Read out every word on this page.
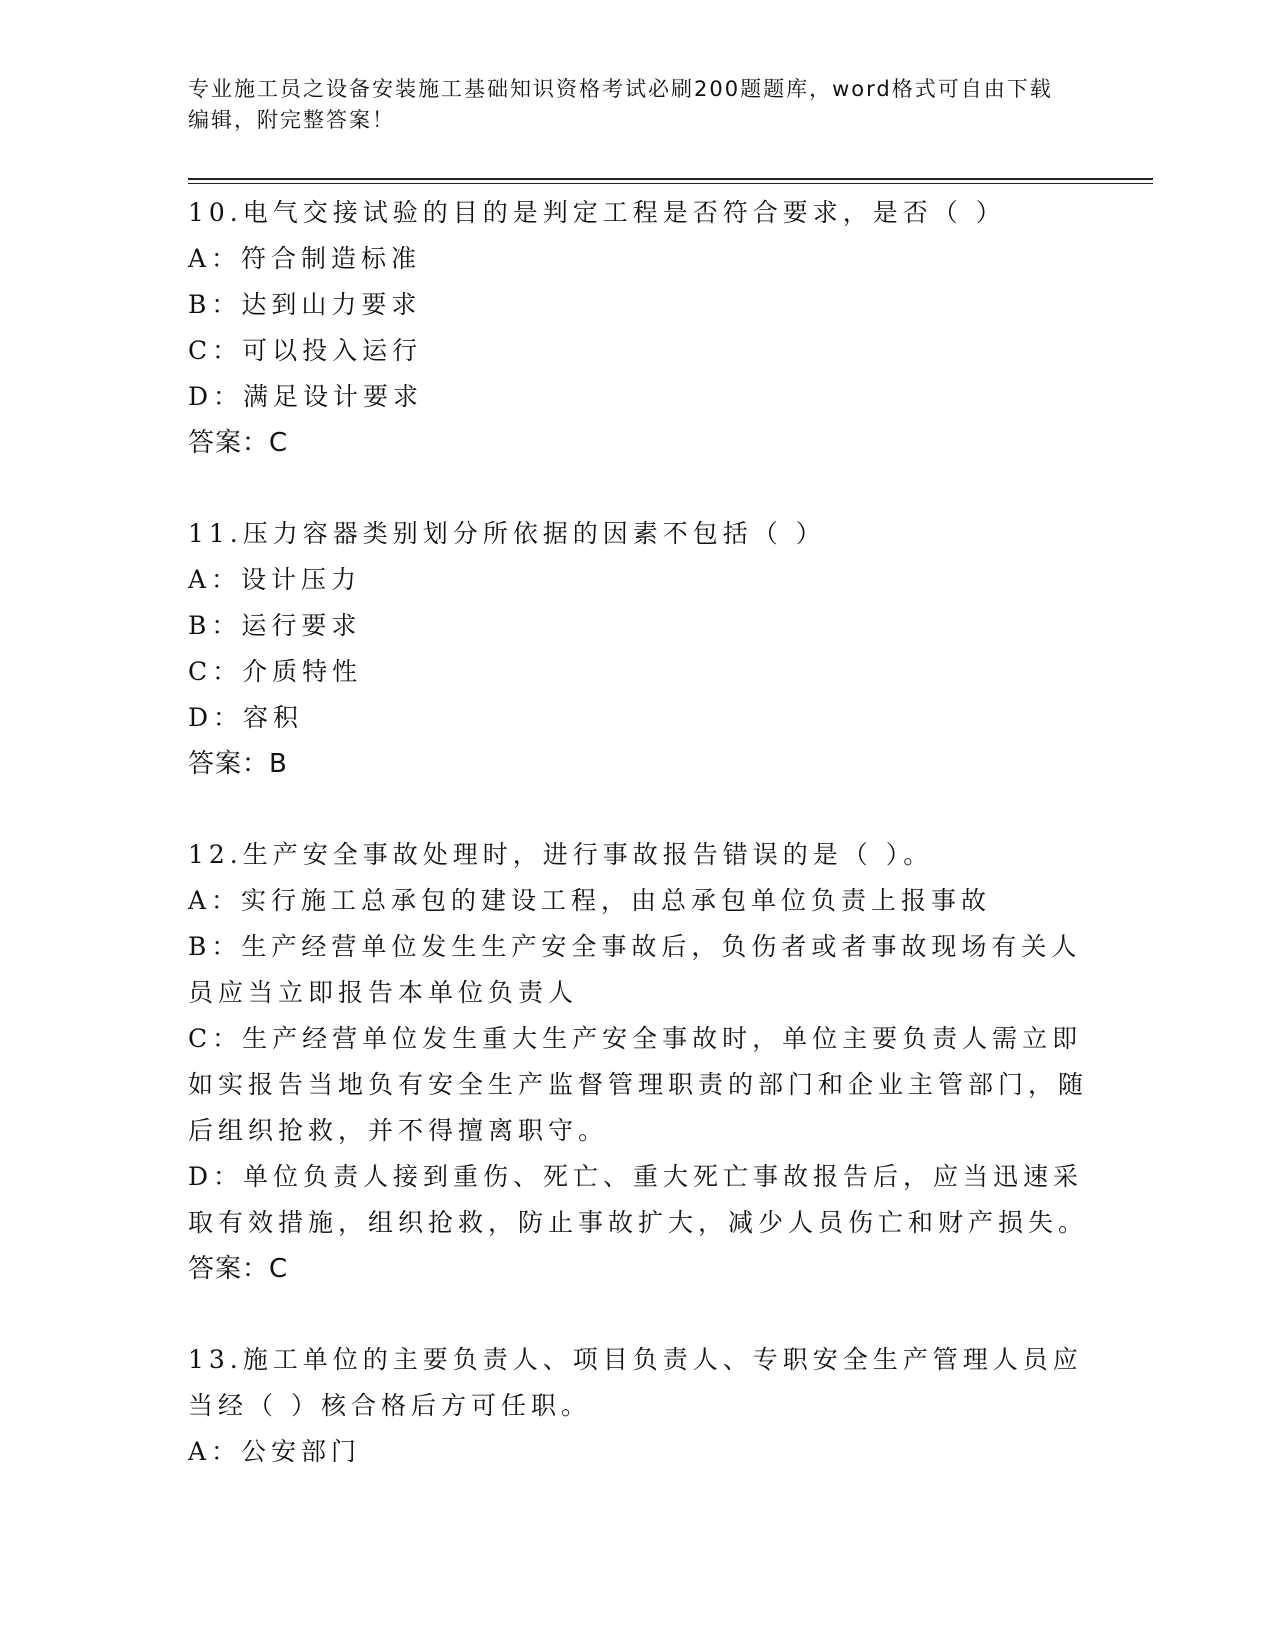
专业施工员之设备安装施工基础知识资格考试必刷200题题库，word格式可自由下载编辑，附完整答案！

10.电气交接试验的目的是判定工程是否符合要求，是否（ ）

A：符合制造标准

B：达到山力要求

C：可以投入运行

D：满足设计要求

答案：C

11.压力容器类别划分所依据的因素不包括（ ）

A：设计压力

B：运行要求

C：介质特性

D：容积

答案：B

12.生产安全事故处理时，进行事故报告错误的是（ ）。

A：实行施工总承包的建设工程，由总承包单位负责上报事故

B：生产经营单位发生生产安全事故后，负伤者或者事故现场有关人员应当立即报告本单位负责人

C：生产经营单位发生重大生产安全事故时，单位主要负责人需立即如实报告当地负有安全生产监督管理职责的部门和企业主管部门，随后组织抢救，并不得擅离职守。

D：单位负责人接到重伤、死亡、重大死亡事故报告后，应当迅速采取有效措施，组织抢救，防止事故扩大，减少人员伤亡和财产损失。

答案：C

13.施工单位的主要负责人、项目负责人、专职安全生产管理人员应当经（ ）核合格后方可任职。

A：公安部门
